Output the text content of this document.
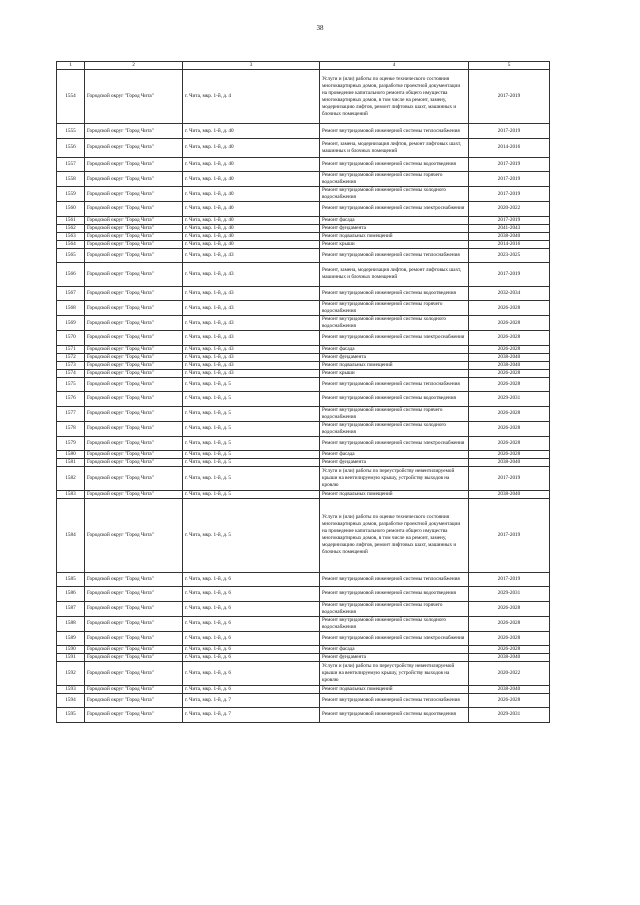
38
1	2	3	4	5
1554	Городской округ "Город Чита"	г. Чита, мкр. 1-й, д. 4	Услуги и (или) работы по оценке технического состояния многоквартирных домов, разработке проектной документации на проведение капитального ремонта общего имущества многоквартирных домов, в том числе на ремонт, замену, модернизацию лифтов, ремонт лифтовых шахт, машинных и блочных помещений	2017-2019
1555	Городской округ "Город Чита"	г. Чита, мкр. 1-й, д. 40	Ремонт внутридомовой инженерной системы теплоснабжения	2017-2019
1556	Городской округ "Город Чита"	г. Чита, мкр. 1-й, д. 40	Ремонт, замена, модернизация лифтов, ремонт лифтовых шахт, машинных и блочных помещений	2014-2016
1557	Городской округ "Город Чита"	г. Чита, мкр. 1-й, д. 40	Ремонт внутридомовой инженерной системы водоотведения	2017-2019
1558	Городской округ "Город Чита"	г. Чита, мкр. 1-й, д. 40	Ремонт внутридомовой инженерной системы горячего водоснабжения	2017-2019
1559	Городской округ "Город Чита"	г. Чита, мкр. 1-й, д. 40	Ремонт внутридомовой инженерной системы холодного водоснабжения	2017-2019
1560	Городской округ "Город Чита"	г. Чита, мкр. 1-й, д. 40	Ремонт внутридомовой инженерной системы электроснабжения	2020-2022
1561	Городской округ "Город Чита"	г. Чита, мкр. 1-й, д. 40	Ремонт фасада	2017-2019
1562	Городской округ "Город Чита"	г. Чита, мкр. 1-й, д. 40	Ремонт фундамента	2041-2043
1563	Городской округ "Город Чита"	г. Чита, мкр. 1-й, д. 40	Ремонт подвальных помещений	2038-2040
1564	Городской округ "Город Чита"	г. Чита, мкр. 1-й, д. 40	Ремонт крыши	2014-2016
1565	Городской округ "Город Чита"	г. Чита, мкр. 1-й, д. 43	Ремонт внутридомовой инженерной системы теплоснабжения	2023-2025
1566	Городской округ "Город Чита"	г. Чита, мкр. 1-й, д. 43	Ремонт, замена, модернизация лифтов, ремонт лифтовых шахт, машинных и блочных помещений	2017-2019
1567	Городской округ "Город Чита"	г. Чита, мкр. 1-й, д. 43	Ремонт внутридомовой инженерной системы водоотведения	2032-2034
1568	Городской округ "Город Чита"	г. Чита, мкр. 1-й, д. 43	Ремонт внутридомовой инженерной системы горячего водоснабжения	2026-2028
1569	Городской округ "Город Чита"	г. Чита, мкр. 1-й, д. 43	Ремонт внутридомовой инженерной системы холодного водоснабжения	2026-2028
1570	Городской округ "Город Чита"	г. Чита, мкр. 1-й, д. 43	Ремонт внутридомовой инженерной системы электроснабжения	2026-2028
1571	Городской округ "Город Чита"	г. Чита, мкр. 1-й, д. 43	Ремонт фасада	2026-2028
1572	Городской округ "Город Чита"	г. Чита, мкр. 1-й, д. 43	Ремонт фундамента	2038-2040
1573	Городской округ "Город Чита"	г. Чита, мкр. 1-й, д. 43	Ремонт подвальных помещений	2038-2040
1574	Городской округ "Город Чита"	г. Чита, мкр. 1-й, д. 43	Ремонт крыши	2026-2028
1575	Городской округ "Город Чита"	г. Чита, мкр. 1-й, д. 5	Ремонт внутридомовой инженерной системы теплоснабжения	2026-2028
1576	Городской округ "Город Чита"	г. Чита, мкр. 1-й, д. 5	Ремонт внутридомовой инженерной системы водоотведения	2029-2031
1577	Городской округ "Город Чита"	г. Чита, мкр. 1-й, д. 5	Ремонт внутридомовой инженерной системы горячего водоснабжения	2026-2028
1578	Городской округ "Город Чита"	г. Чита, мкр. 1-й, д. 5	Ремонт внутридомовой инженерной системы холодного водоснабжения	2026-2028
1579	Городской округ "Город Чита"	г. Чита, мкр. 1-й, д. 5	Ремонт внутридомовой инженерной системы электроснабжения	2026-2028
1580	Городской округ "Город Чита"	г. Чита, мкр. 1-й, д. 5	Ремонт фасада	2026-2028
1581	Городской округ "Город Чита"	г. Чита, мкр. 1-й, д. 5	Ремонт фундамента	2038-2040
1582	Городской округ "Город Чита"	г. Чита, мкр. 1-й, д. 5	Услуги и (или) работы по переустройству невентилируемой крыши на вентилируемую крышу, устройству выходов на кровлю	2017-2019
1583	Городской округ "Город Чита"	г. Чита, мкр. 1-й, д. 5	Ремонт подвальных помещений	2038-2040
1584	Городской округ "Город Чита"	г. Чита, мкр. 1-й, д. 5	Услуги и (или) работы по оценке технического состояния многоквартирных домов, разработке проектной документации на проведение капитального ремонта общего имущества многоквартирных домов, в том числе на ремонт, замену, модернизацию лифтов, ремонт лифтовых шахт, машинных и блочных помещений	2017-2019
1585	Городской округ "Город Чита"	г. Чита, мкр. 1-й, д. 6	Ремонт внутридомовой инженерной системы теплоснабжения	2017-2019
1586	Городской округ "Город Чита"	г. Чита, мкр. 1-й, д. 6	Ремонт внутридомовой инженерной системы водоотведения	2029-2031
1587	Городской округ "Город Чита"	г. Чита, мкр. 1-й, д. 6	Ремонт внутридомовой инженерной системы горячего водоснабжения	2026-2028
1588	Городской округ "Город Чита"	г. Чита, мкр. 1-й, д. 6	Ремонт внутридомовой инженерной системы холодного водоснабжения	2026-2028
1589	Городской округ "Город Чита"	г. Чита, мкр. 1-й, д. 6	Ремонт внутридомовой инженерной системы электроснабжения	2026-2028
1590	Городской округ "Город Чита"	г. Чита, мкр. 1-й, д. 6	Ремонт фасада	2026-2028
1591	Городской округ "Город Чита"	г. Чита, мкр. 1-й, д. 6	Ремонт фундамента	2038-2040
1592	Городской округ "Город Чита"	г. Чита, мкр. 1-й, д. 6	Услуги и (или) работы по переустройству невентилируемой крыши на вентилируемую крышу, устройству выходов на кровлю	2020-2022
1593	Городской округ "Город Чита"	г. Чита, мкр. 1-й, д. 6	Ремонт подвальных помещений	2038-2040
1594	Городской округ "Город Чита"	г. Чита, мкр. 1-й, д. 7	Ремонт внутридомовой инженерной системы теплоснабжения	2026-2028
1595	Городской округ "Город Чита"	г. Чита, мкр. 1-й, д. 7	Ремонт внутридомовой инженерной системы водоотведения	2029-2031
